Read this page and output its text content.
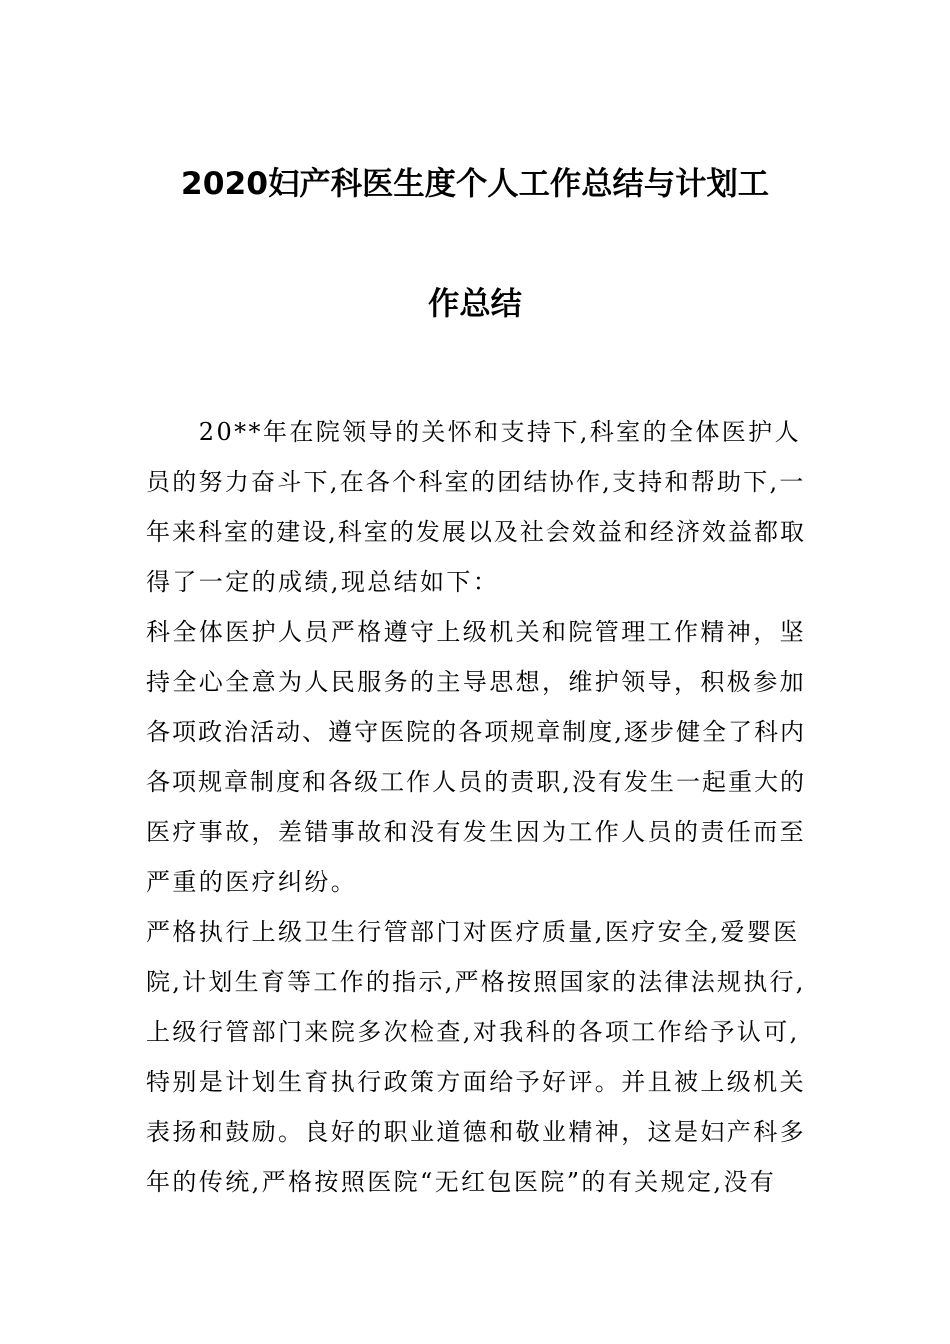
2020妇产科医生度个人工作总结与计划工
作总结
　　20**年在院领导的关怀和支持下,科室的全体医护人
员的努力奋斗下,在各个科室的团结协作,支持和帮助下,一
年来科室的建设,科室的发展以及社会效益和经济效益都取
得了一定的成绩,现总结如下：
科全体医护人员严格遵守上级机关和院管理工作精神，坚
持全心全意为人民服务的主导思想，维护领导，积极参加
各项政治活动、遵守医院的各项规章制度,逐步健全了科内
各项规章制度和各级工作人员的责职,没有发生一起重大的
医疗事故，差错事故和没有发生因为工作人员的责任而至
严重的医疗纠纷。
严格执行上级卫生行管部门对医疗质量,医疗安全,爱婴医
院,计划生育等工作的指示,严格按照国家的法律法规执行,
上级行管部门来院多次检查,对我科的各项工作给予认可,
特别是计划生育执行政策方面给予好评。并且被上级机关
表扬和鼓励。良好的职业道德和敬业精神，这是妇产科多
年的传统,严格按照医院“无红包医院”的有关规定,没有
